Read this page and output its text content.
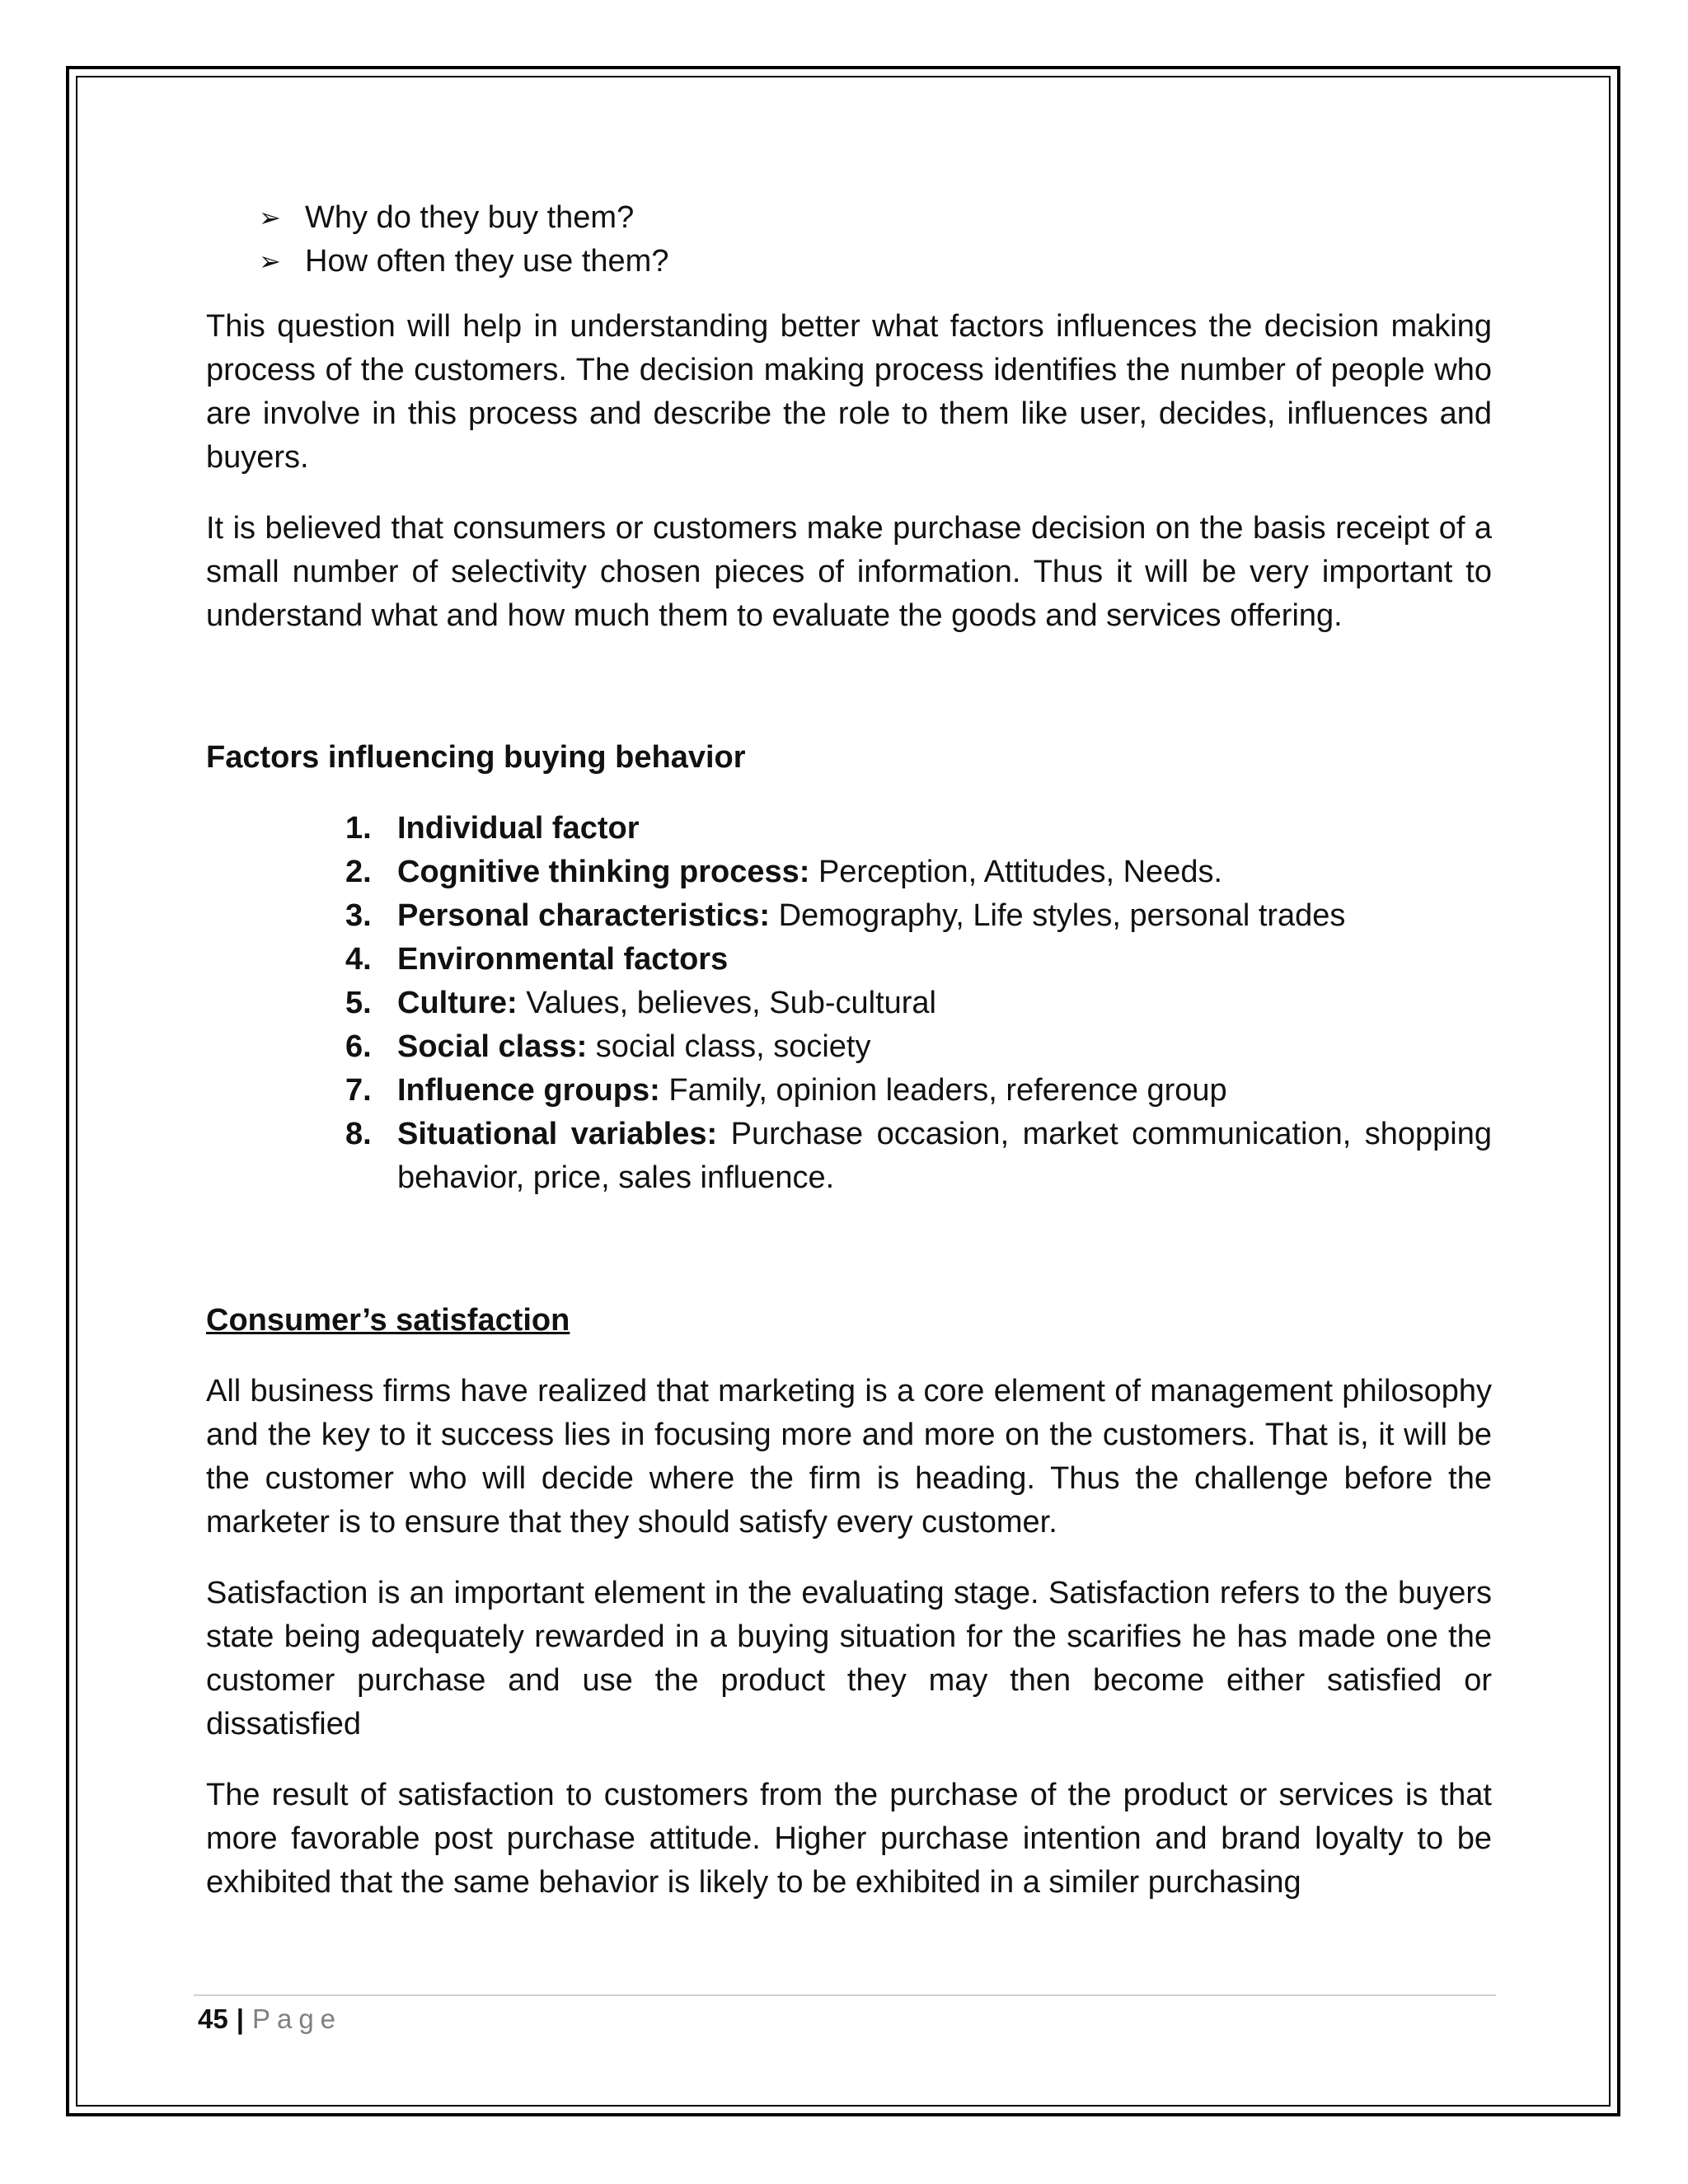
➢ Why do they buy them?
➢ How often they use them?

This question will help in understanding better what factors influences the decision making process of the customers. The decision making process identifies the number of people who are involve in this process and describe the role to them like user, decides, influences and buyers.

It is believed that consumers or customers make purchase decision on the basis receipt of a small number of selectivity chosen pieces of information. Thus it will be very important to understand what and how much them to evaluate the goods and services offering.

Factors influencing buying behavior
1. Individual factor
2. Cognitive thinking process: Perception, Attitudes, Needs.
3. Personal characteristics: Demography, Life styles, personal trades
4. Environmental factors
5. Culture: Values, believes, Sub-cultural
6. Social class: social class, society
7. Influence groups: Family, opinion leaders, reference group
8. Situational variables: Purchase occasion, market communication, shopping behavior, price, sales influence.
Consumer’s satisfaction

All business firms have realized that marketing is a core element of management philosophy and the key to it success lies in focusing more and more on the customers. That is, it will be the customer who will decide where the firm is heading. Thus the challenge before the marketer is to ensure that they should satisfy every customer.

Satisfaction is an important element in the evaluating stage. Satisfaction refers to the buyers state being adequately rewarded in a buying situation for the scarifies he has made one the customer purchase and use the product they may then become either satisfied or dissatisfied

The result of satisfaction to customers from the purchase of the product or services is that more favorable post purchase attitude. Higher purchase intention and brand loyalty to be exhibited that the same behavior is likely to be exhibited in a similer purchasing

45 | Page
